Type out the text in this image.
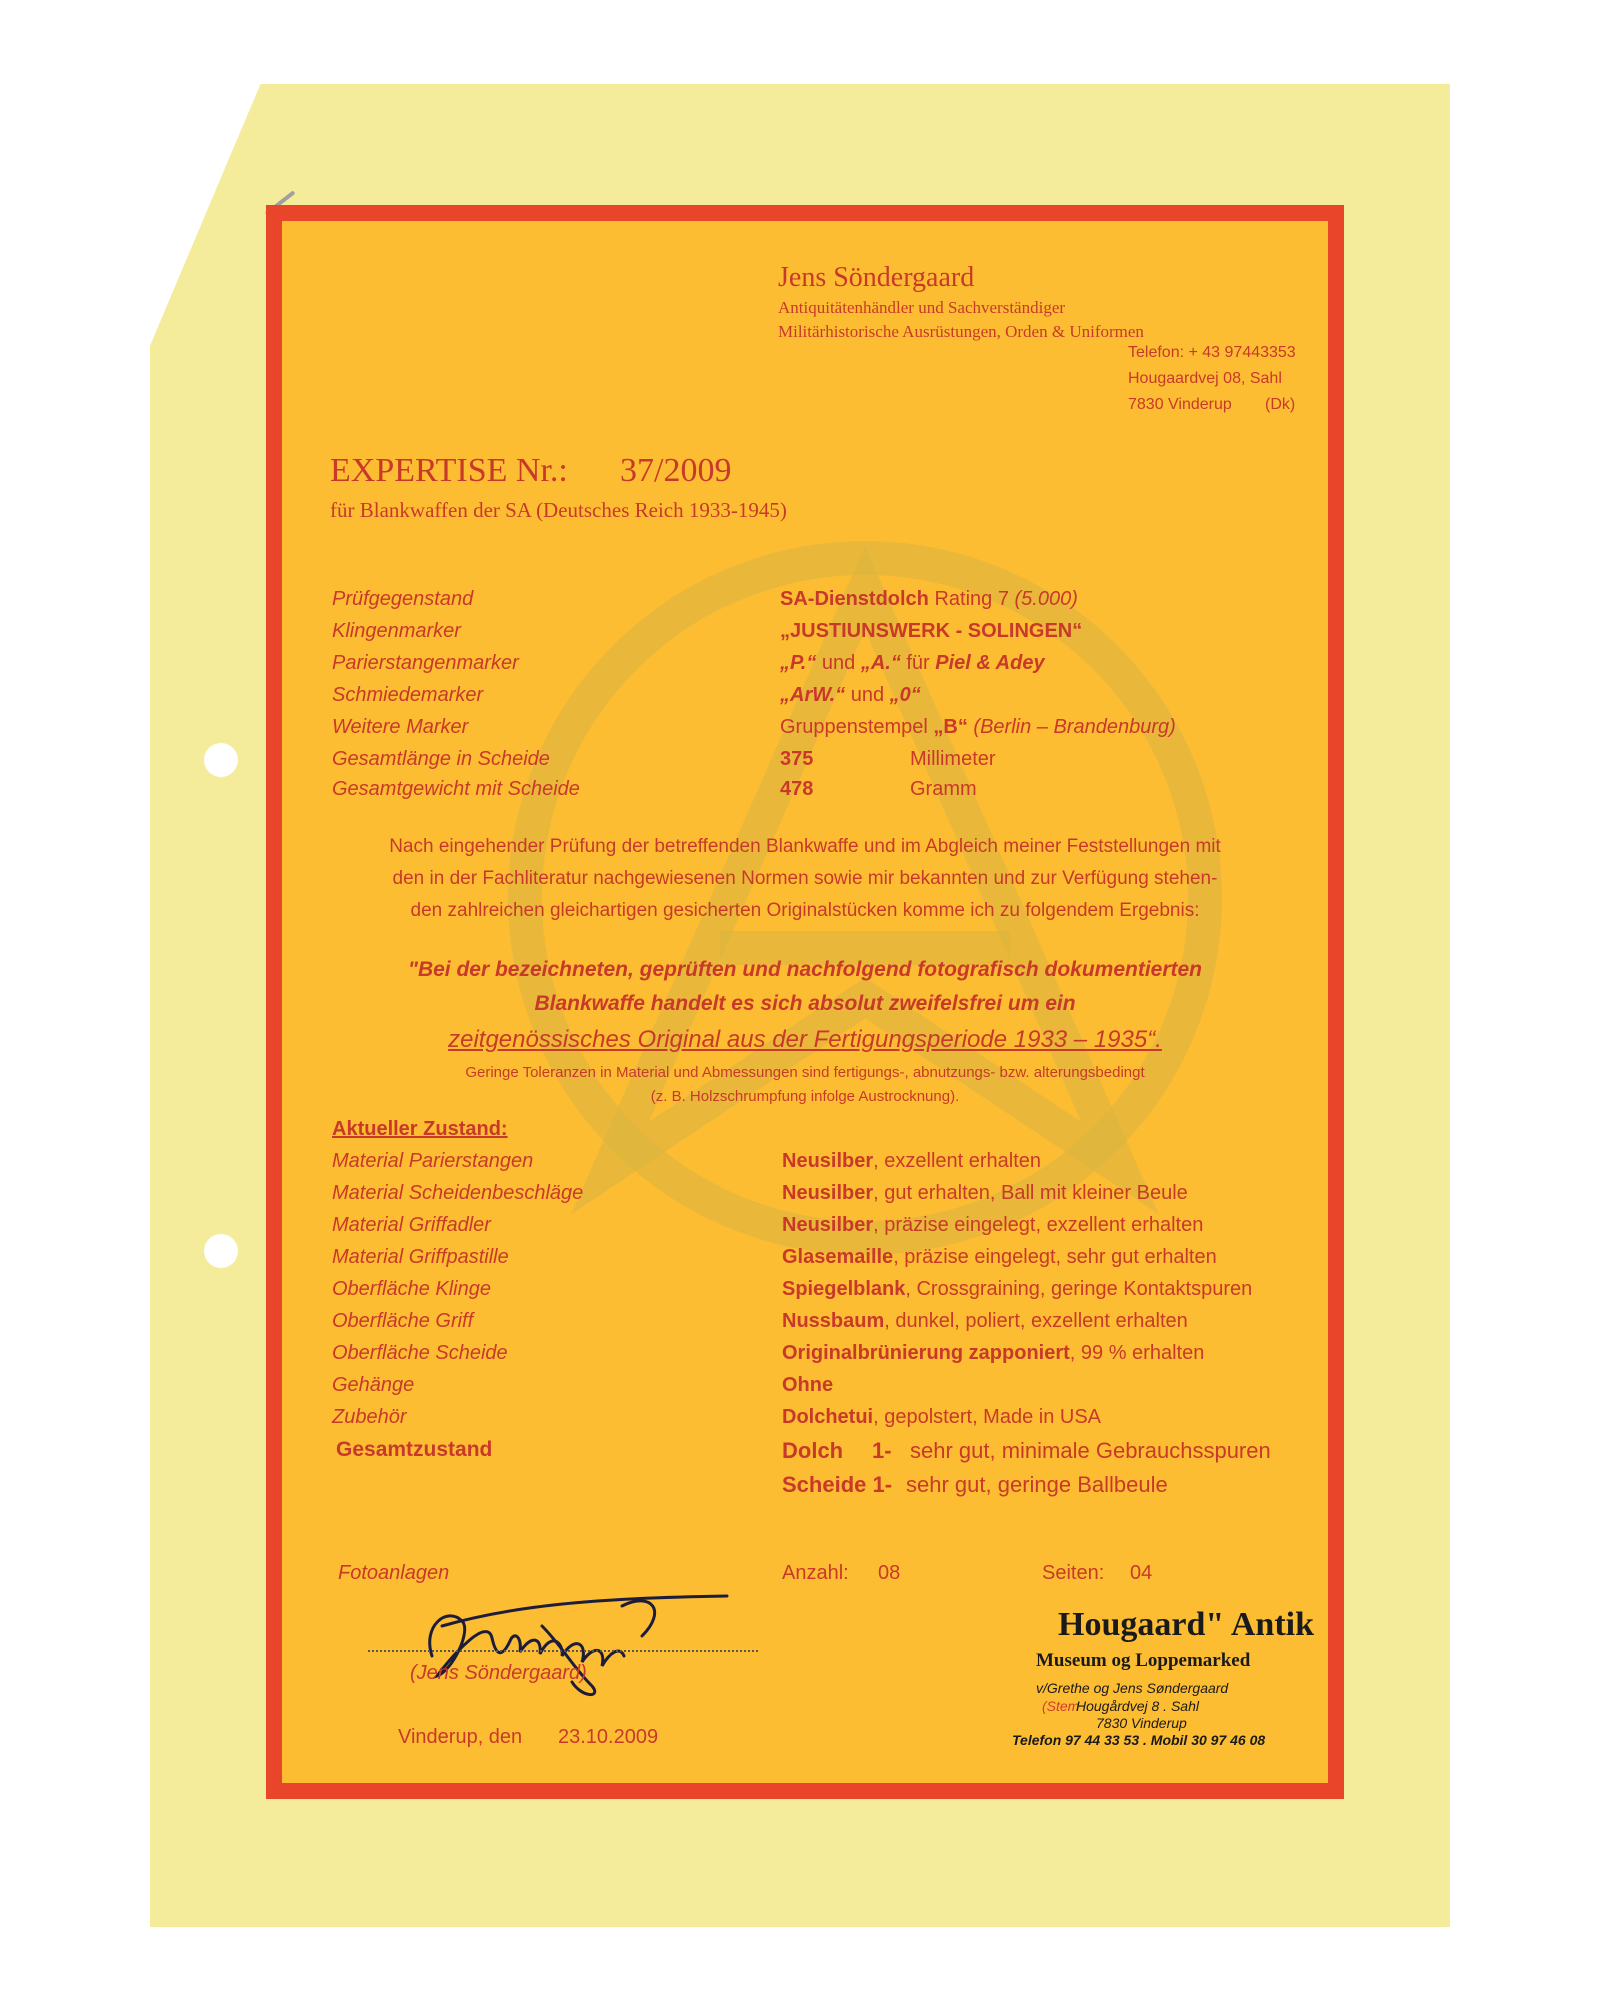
Jens Söndergaard
Antiquitätenhändler und Sachverständiger
Militärhistorische Ausrüstungen, Orden & Uniformen
Telefon: + 43 97443353
Hougaardvej 08, Sahl
7830 Vinderup (Dk)
EXPERTISE Nr.: 37/2009
für Blankwaffen der SA (Deutsches Reich 1933-1945)
Prüfgegenstand	SA-Dienstdolch Rating 7 (5.000)
Klingenmarker	„JUSTIUNSWERK - SOLINGEN“
Parierstangenmarker	„P.“ und „A.“ für Piel & Adey
Schmiedemarker	„ArW.“ und „0“
Weitere Marker	Gruppenstempel „B“ (Berlin – Brandenburg)
Gesamtlänge in Scheide	375	Millimeter
Gesamtgewicht mit Scheide	478	Gramm
Nach eingehender Prüfung der betreffenden Blankwaffe und im Abgleich meiner Feststellungen mit
den in der Fachliteratur nachgewiesenen Normen sowie mir bekannten und zur Verfügung stehen-
den zahlreichen gleichartigen gesicherten Originalstücken komme ich zu folgendem Ergebnis:
"Bei der bezeichneten, geprüften und nachfolgend fotografisch dokumentierten
Blankwaffe handelt es sich absolut zweifelsfrei um ein
zeitgenössisches Original aus der Fertigungsperiode 1933 – 1935“.
Geringe Toleranzen in Material und Abmessungen sind fertigungs-, abnutzungs- bzw. alterungsbedingt
(z. B. Holzschrumpfung infolge Austrocknung).
Aktueller Zustand:
Material Parierstangen	Neusilber, exzellent erhalten
Material Scheidenbeschläge	Neusilber, gut erhalten, Ball mit kleiner Beule
Material Griffadler	Neusilber, präzise eingelegt, exzellent erhalten
Material Griffpastille	Glasemaille, präzise eingelegt, sehr gut erhalten
Oberfläche Klinge	Spiegelblank, Crossgraining, geringe Kontaktspuren
Oberfläche Griff	Nussbaum, dunkel, poliert, exzellent erhalten
Oberfläche Scheide	Originalbrünierung zapponiert, 99 % erhalten
Gehänge	Ohne
Zubehör	Dolchetui, gepolstert, Made in USA
Gesamtzustand	Dolch 1- sehr gut, minimale Gebrauchsspuren
Scheide 1- sehr gut, geringe Ballbeule
Fotoanlagen	Anzahl: 08	Seiten: 04
(Jens Söndergaard)
Vinderup, den 23.10.2009
Hougaard" Antik
Museum og Loppemarked
v/Grethe og Jens Søndergaard
(Stem
Hougårdvej 8 . Sahl
7830 Vinderup
Telefon 97 44 33 53 . Mobil 30 97 46 08
